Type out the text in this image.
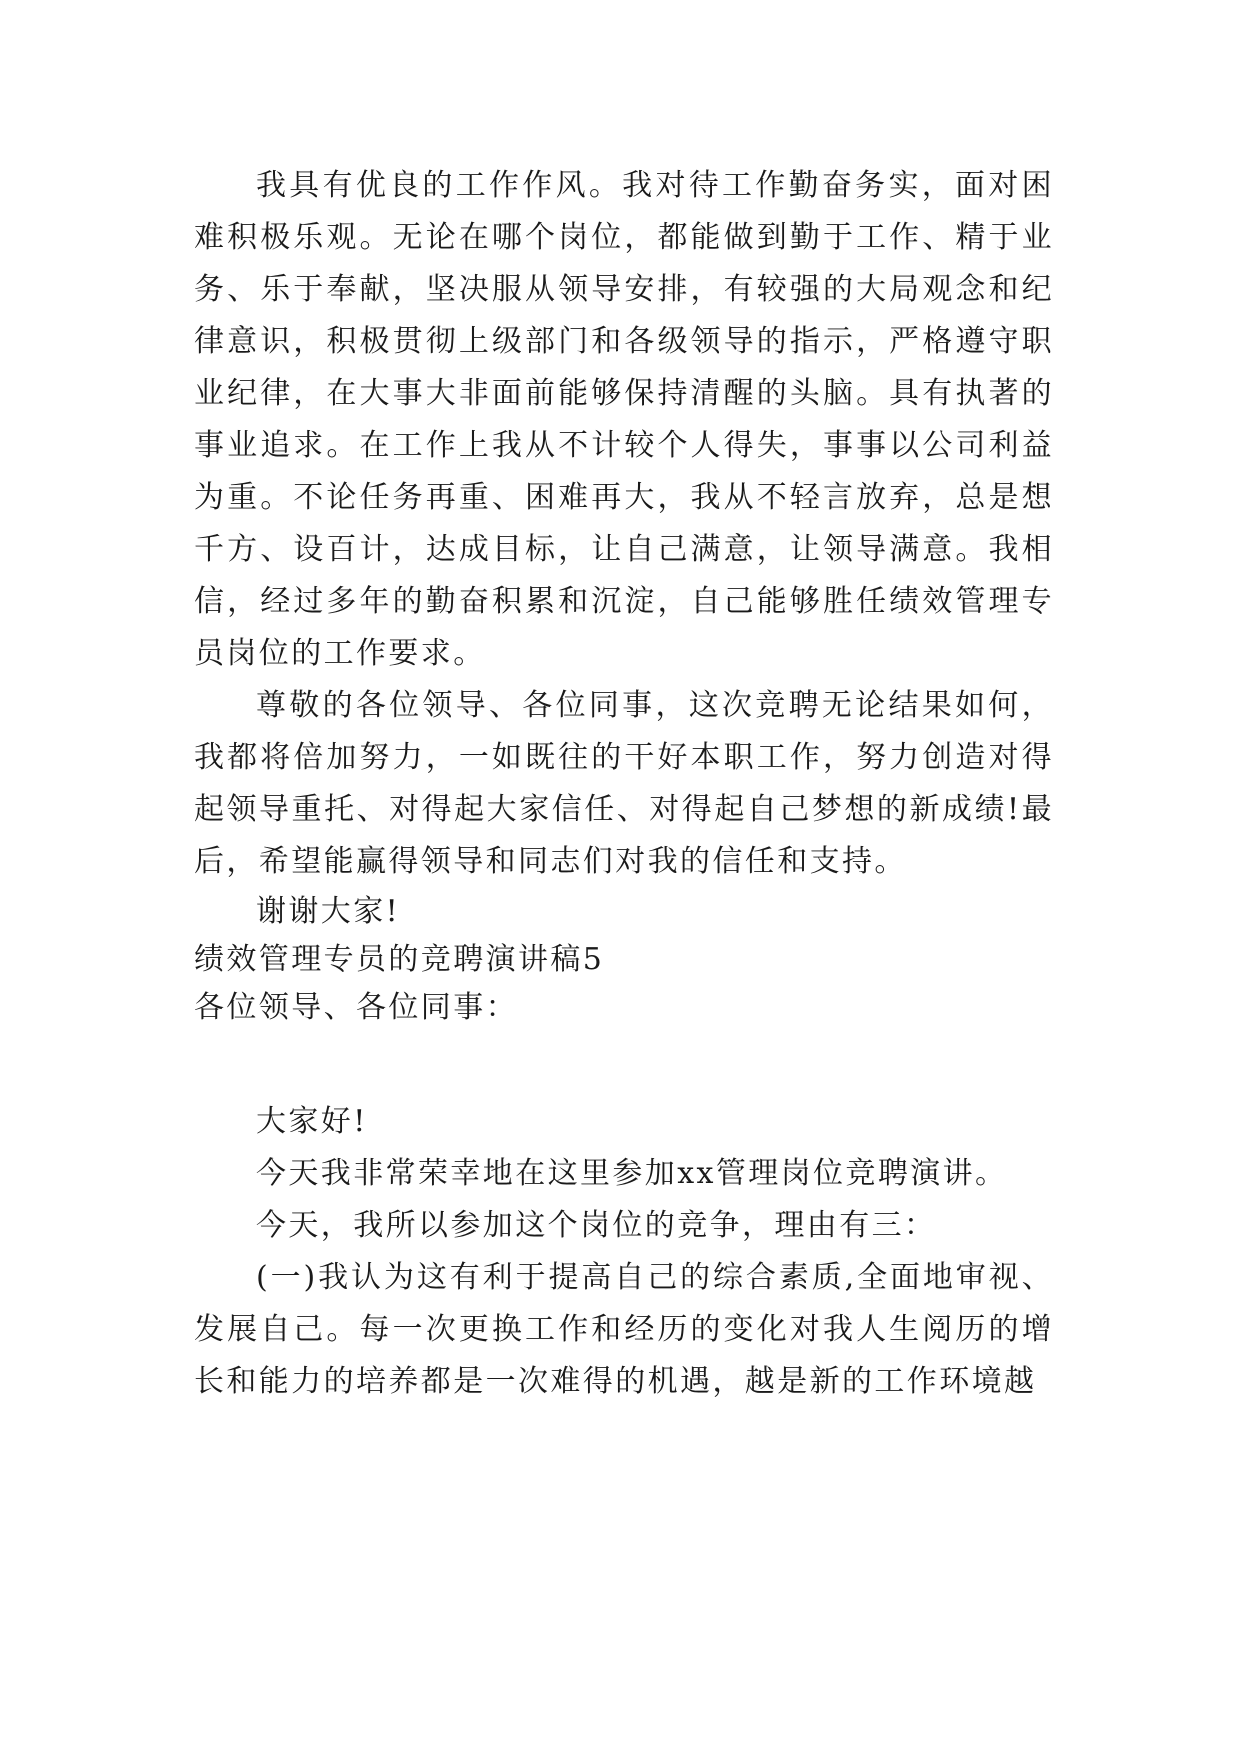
我具有优良的工作作风。我对待工作勤奋务实，面对困难积极乐观。无论在哪个岗位，都能做到勤于工作、精于业务、乐于奉献，坚决服从领导安排，有较强的大局观念和纪律意识，积极贯彻上级部门和各级领导的指示，严格遵守职业纪律，在大事大非面前能够保持清醒的头脑。具有执著的事业追求。在工作上我从不计较个人得失，事事以公司利益为重。不论任务再重、困难再大，我从不轻言放弃，总是想千方、设百计，达成目标，让自己满意，让领导满意。我相信，经过多年的勤奋积累和沉淀，自己能够胜任绩效管理专员岗位的工作要求。

尊敬的各位领导、各位同事，这次竞聘无论结果如何，我都将倍加努力，一如既往的干好本职工作，努力创造对得起领导重托、对得起大家信任、对得起自己梦想的新成绩!最后，希望能赢得领导和同志们对我的信任和支持。

谢谢大家!

绩效管理专员的竞聘演讲稿5

各位领导、各位同事：

大家好!

今天我非常荣幸地在这里参加xx管理岗位竞聘演讲。

今天，我所以参加这个岗位的竞争，理由有三：

(一)我认为这有利于提高自己的综合素质,全面地审视、发展自己。每一次更换工作和经历的变化对我人生阅历的增长和能力的培养都是一次难得的机遇，越是新的工作环境越
